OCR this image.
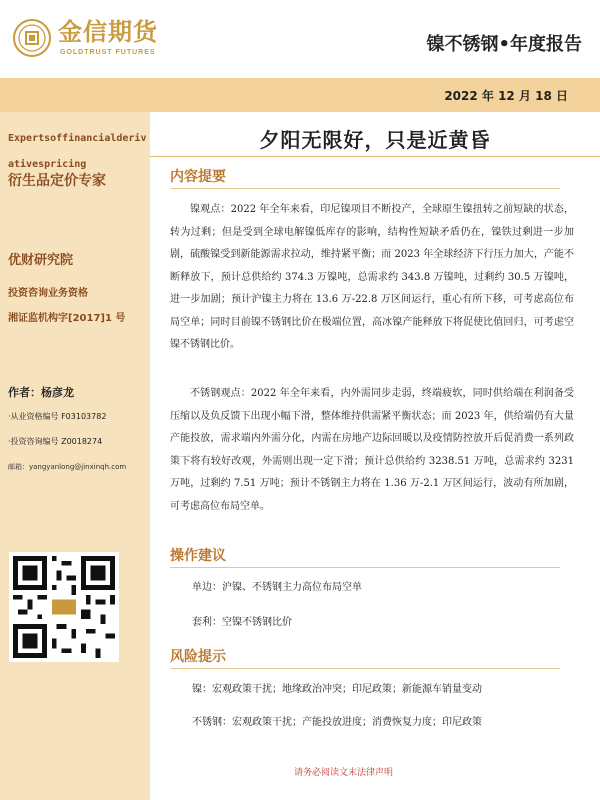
金信期货
GOLDTRUST FUTURES	镍不锈钢•年度报告
2022 年 12 月 18 日
Expertsoffinancialderivativespricing
衍生品定价专家
优财研究院
投资咨询业务资格
湘证监机构字[2017]1 号
作者：杨彦龙
·从业资格编号 F03103782
·投资咨询编号 Z0018274
邮箱：yangyanlong@jinxinqh.com
夕阳无限好，只是近黄昏
内容提要
镍观点：2022 年全年来看，印尼镍项目不断投产，全球原生镍扭转之前短缺的状态，转为过剩；但是受到全球电解镍低库存的影响，结构性短缺矛盾仍在，镍铁过剩进一步加剧，硫酸镍受到新能源需求拉动，维持紧平衡；而 2023 年全球经济下行压力加大，产能不断释放下，预计总供给约 374.3 万镍吨，总需求约 343.8 万镍吨，过剩约 30.5 万镍吨，进一步加剧；预计沪镍主力将在 13.6 万-22.8 万区间运行，重心有所下移，可考虑高位布局空单；同时目前镍不锈钢比价在极端位置，高冰镍产能释放下将促使比值回归，可考虑空镍不锈钢比价。
不锈钢观点：2022 年全年来看，内外需同步走弱，终端疲软，同时供给端在利润备受压缩以及负反馈下出现小幅下滑，整体维持供需紧平衡状态；而 2023 年，供给端仍有大量产能投放，需求端内外需分化，内需在房地产边际回暖以及疫情防控放开后促消费一系列政策下将有较好改观，外需则出现一定下滑；预计总供给约 3238.51 万吨，总需求约 3231 万吨，过剩约 7.51 万吨；预计不锈钢主力将在 1.36 万-2.1 万区间运行，波动有所加剧，可考虑高位布局空单。
操作建议
单边：沪镍、不锈钢主力高位布局空单
套利：空镍不锈钢比价
风险提示
镍：宏观政策干扰；地缘政治冲突；印尼政策；新能源车销量变动
不锈钢：宏观政策干扰；产能投放进度；消费恢复力度；印尼政策
请务必阅读文末法律声明
